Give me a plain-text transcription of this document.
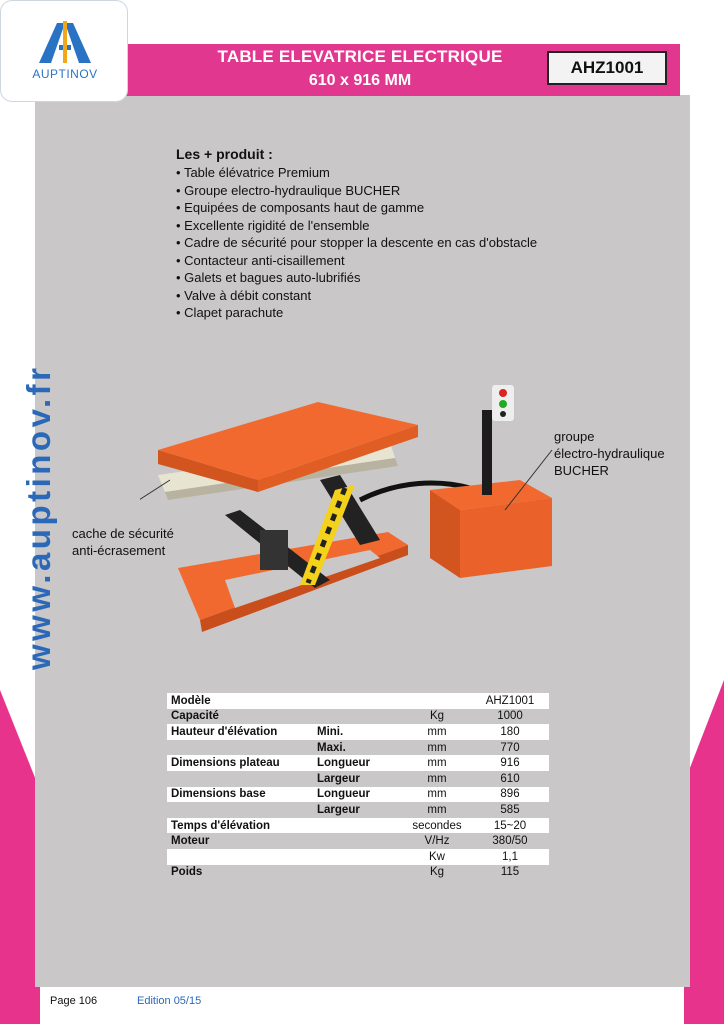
TABLE ELEVATRICE ELECTRIQUE
610 x 916 MM
AHZ1001
AUPTINOV
www.auptinov.fr
Les + produit :
• Table élévatrice Premium
• Groupe electro-hydraulique BUCHER
• Equipées de composants haut de gamme
• Excellente rigidité de l'ensemble
• Cadre de sécurité pour stopper la descente en cas d'obstacle
• Contacteur anti-cisaillement
• Galets et bagues auto-lubrifiés
• Valve à débit constant
• Clapet parachute
cache de sécurité
anti-écrasement
groupe
électro-hydraulique
BUCHER
Modèle			AHZ1001
Capacité		Kg	1000
Hauteur d'élévation	Mini.	mm	180
	Maxi.	mm	770
Dimensions plateau	Longueur	mm	916
	Largeur	mm	610
Dimensions base	Longueur	mm	896
	Largeur	mm	585
Temps d'élévation		secondes	15~20
Moteur		V/Hz	380/50
		Kw	1,1
Poids		Kg	115
Page 106	Edition 05/15
